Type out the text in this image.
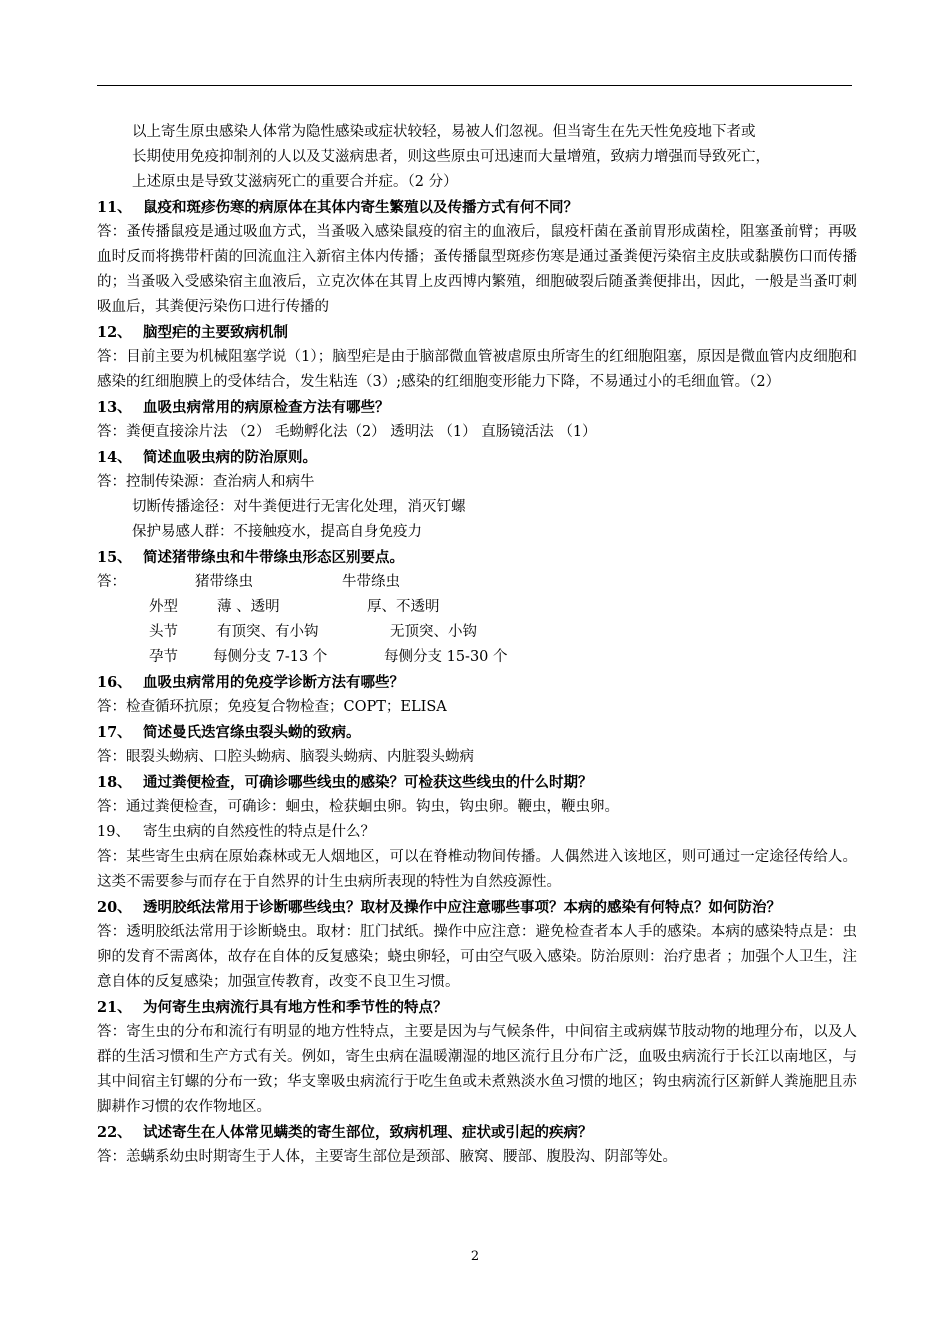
以上寄生原虫感染人体常为隐性感染或症状较轻，易被人们忽视。但当寄生在先天性免疫地下者或

长期使用免疫抑制剂的人以及艾滋病患者，则这些原虫可迅速而大量增殖，致病力增强而导致死亡，

上述原虫是导致艾滋病死亡的重要合并症。（2 分）

11、 鼠疫和斑疹伤寒的病原体在其体内寄生繁殖以及传播方式有何不同？

答：蚤传播鼠疫是通过吸血方式，当蚤吸入感染鼠疫的宿主的血液后，鼠疫杆菌在蚤前胃形成菌栓，阻塞蚤前臂；再吸血时反而将携带杆菌的回流血注入新宿主体内传播；蚤传播鼠型斑疹伤寒是通过蚤粪便污染宿主皮肤或黏膜伤口而传播的；当蚤吸入受感染宿主血液后，立克次体在其胃上皮西博内繁殖，细胞破裂后随蚤粪便排出，因此，一般是当蚤叮刺吸血后，其粪便污染伤口进行传播的

12、 脑型疟的主要致病机制

答：目前主要为机械阻塞学说（1）；脑型疟是由于脑部微血管被虐原虫所寄生的红细胞阻塞，原因是微血管内皮细胞和感染的红细胞膜上的受体结合，发生粘连（3）;感染的红细胞变形能力下降，不易通过小的毛细血管。（2）

13、 血吸虫病常用的病原检查方法有哪些？

答：粪便直接涂片法 （2） 毛蚴孵化法（2） 透明法 （1） 直肠镜活法 （1）

14、 简述血吸虫病的防治原则。

答：控制传染源：查治病人和病牛

切断传播途径：对牛粪便进行无害化处理，消灭钉螺

保护易感人群：不接触疫水，提高自身免疫力

15、 简述猪带绦虫和牛带绦虫形态区别要点。

答：	猪带绦虫	牛带绦虫
外型	薄 、透明	厚、不透明
头节	有顶突、有小钩	无顶突、小钩
孕节 每侧分支 7-13 个	每侧分支 15-30 个

16、 血吸虫病常用的免疫学诊断方法有哪些？

答：检查循环抗原；免疫复合物检查；COPT；ELISA

17、 简述曼氏迭宫绦虫裂头蚴的致病。

答：眼裂头蚴病、口腔头蚴病、脑裂头蚴病、内脏裂头蚴病

18、 通过粪便检查，可确诊哪些线虫的感染？可检获这些线虫的什么时期？

答：通过粪便检查，可确诊：蛔虫，检获蛔虫卵。钩虫，钩虫卵。鞭虫，鞭虫卵。

19、 寄生虫病的自然疫性的特点是什么？

答：某些寄生虫病在原始森林或无人烟地区，可以在脊椎动物间传播。人偶然进入该地区，则可通过一定途径传给人。这类不需要参与而存在于自然界的计生虫病所表现的特性为自然疫源性。

20、 透明胶纸法常用于诊断哪些线虫？取材及操作中应注意哪些事项？本病的感染有何特点？如何防治？

答：透明胶纸法常用于诊断蛲虫。取材：肛门拭纸。操作中应注意：避免检查者本人手的感染。本病的感染特点是：虫卵的发育不需离体，故存在自体的反复感染；蛲虫卵轻，可由空气吸入感染。防治原则：治疗患者 ；加强个人卫生，注意自体的反复感染；加强宣传教育，改变不良卫生习惯。

21、 为何寄生虫病流行具有地方性和季节性的特点？

答：寄生虫的分布和流行有明显的地方性特点，主要是因为与气候条件，中间宿主或病媒节肢动物的地理分布，以及人群的生活习惯和生产方式有关。例如，寄生虫病在温暖潮湿的地区流行且分布广泛，血吸虫病流行于长江以南地区，与其中间宿主钉螺的分布一致；华支睾吸虫病流行于吃生鱼或未煮熟淡水鱼习惯的地区；钩虫病流行区新鲜人粪施肥且赤脚耕作习惯的农作物地区。

22、 试述寄生在人体常见螨类的寄生部位，致病机理、症状或引起的疾病？

答：恙螨系幼虫时期寄生于人体，主要寄生部位是颈部、腋窝、腰部、腹股沟、阴部等处。

2
